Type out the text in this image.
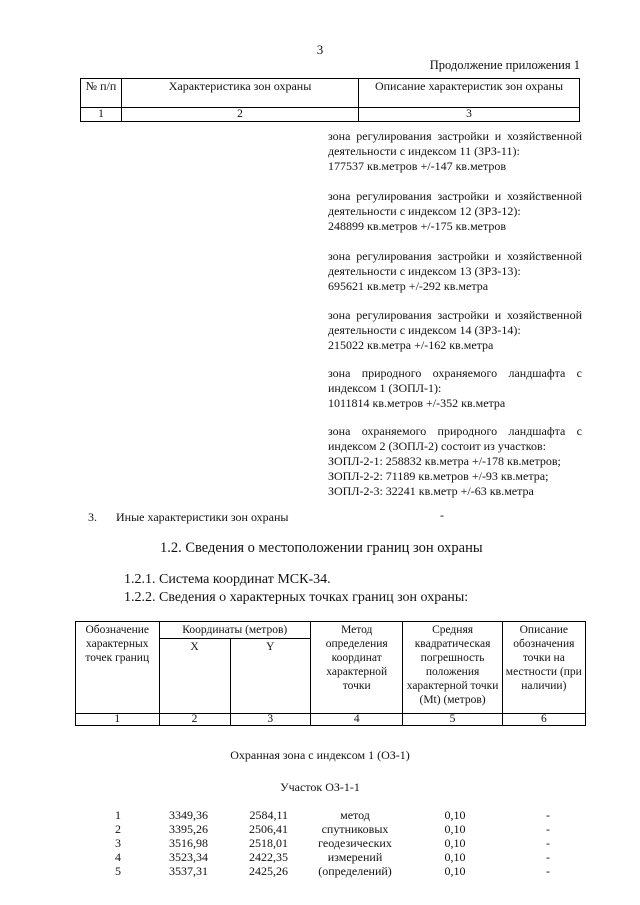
3
Продолжение приложения 1
№ п/п	Характеристика зон охраны	Описание характеристик зон охраны
1	2	3
зона регулирования застройки и хозяйственной деятельности с индексом 11 (ЗРЗ-11):
177537 кв.метров +/-147 кв.метров
зона регулирования застройки и хозяйственной деятельности с индексом 12 (ЗРЗ-12):
248899 кв.метров +/-175 кв.метров
зона регулирования застройки и хозяйственной деятельности с индексом 13 (ЗРЗ-13):
695621 кв.метр +/-292 кв.метра
зона регулирования застройки и хозяйственной деятельности с индексом 14 (ЗРЗ-14):
215022 кв.метра +/-162 кв.метра
зона природного охраняемого ландшафта с индексом 1 (ЗОПЛ-1):
1011814 кв.метров +/-352 кв.метра
зона охраняемого природного ландшафта с индексом 2 (ЗОПЛ-2) состоит из участков:
ЗОПЛ-2-1: 258832 кв.метра +/-178 кв.метров;
ЗОПЛ-2-2: 71189 кв.метров +/-93 кв.метра;
ЗОПЛ-2-3: 32241 кв.метр +/-63 кв.метра
3. Иные характеристики зон охраны	-
1.2. Сведения о местоположении границ зон охраны
1.2.1. Система координат МСК-34.
1.2.2. Сведения о характерных точках границ зон охраны:
Обозначение характерных точек границ	Координаты (метров)		Метод определения координат характерной точки	Средняя квадратическая погрешность положения характерной точки (Mt) (метров)	Описание обозначения точки на местности (при наличии)
	X	Y			
1	2	3	4	5	6
Охранная зона с индексом 1 (ОЗ-1)
Участок ОЗ-1-1
1	3349,36	2584,11	метод	0,10	-
2	3395,26	2506,41	спутниковых	0,10	-
3	3516,98	2518,01	геодезических	0,10	-
4	3523,34	2422,35	измерений	0,10	-
5	3537,31	2425,26	(определений)	0,10	-
